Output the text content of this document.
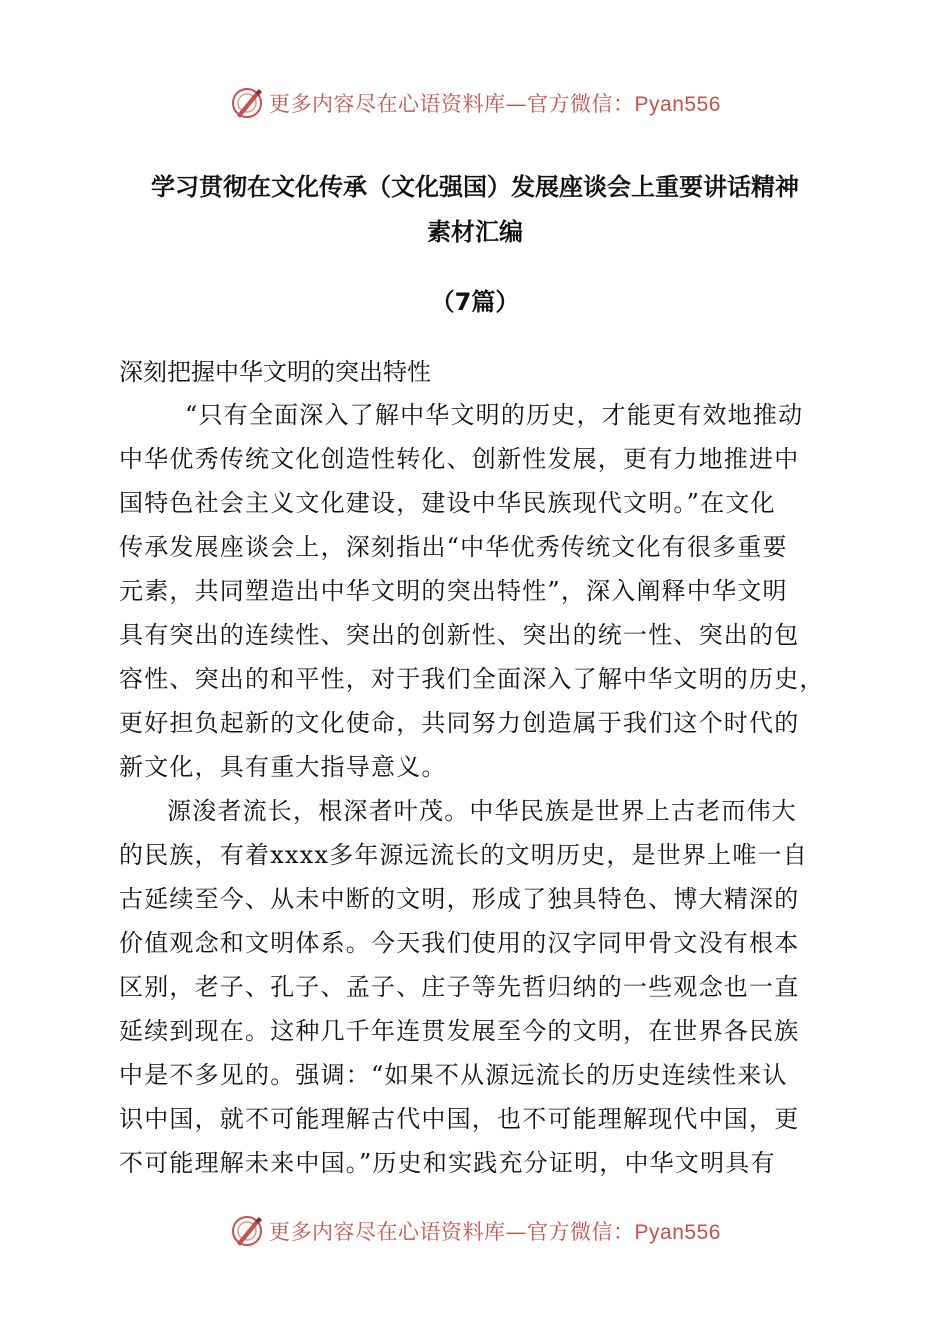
更多内容尽在心语资料库—官方微信：Pyan556
学习贯彻在文化传承（文化强国）发展座谈会上重要讲话精神
素材汇编
（7篇）
深刻把握中华文明的突出特性
“只有全面深入了解中华文明的历史，才能更有效地推动
中华优秀传统文化创造性转化、创新性发展，更有力地推进中
国特色社会主义文化建设，建设中华民族现代文明。”在文化
传承发展座谈会上，深刻指出“中华优秀传统文化有很多重要
元素，共同塑造出中华文明的突出特性”，深入阐释中华文明
具有突出的连续性、突出的创新性、突出的统一性、突出的包
容性、突出的和平性，对于我们全面深入了解中华文明的历史，
更好担负起新的文化使命，共同努力创造属于我们这个时代的
新文化，具有重大指导意义。
源浚者流长，根深者叶茂。中华民族是世界上古老而伟大
的民族，有着xxxx多年源远流长的文明历史，是世界上唯一自
古延续至今、从未中断的文明，形成了独具特色、博大精深的
价值观念和文明体系。今天我们使用的汉字同甲骨文没有根本
区别，老子、孔子、孟子、庄子等先哲归纳的一些观念也一直
延续到现在。这种几千年连贯发展至今的文明，在世界各民族
中是不多见的。强调：“如果不从源远流长的历史连续性来认
识中国，就不可能理解古代中国，也不可能理解现代中国，更
不可能理解未来中国。”历史和实践充分证明，中华文明具有
更多内容尽在心语资料库—官方微信：Pyan556
